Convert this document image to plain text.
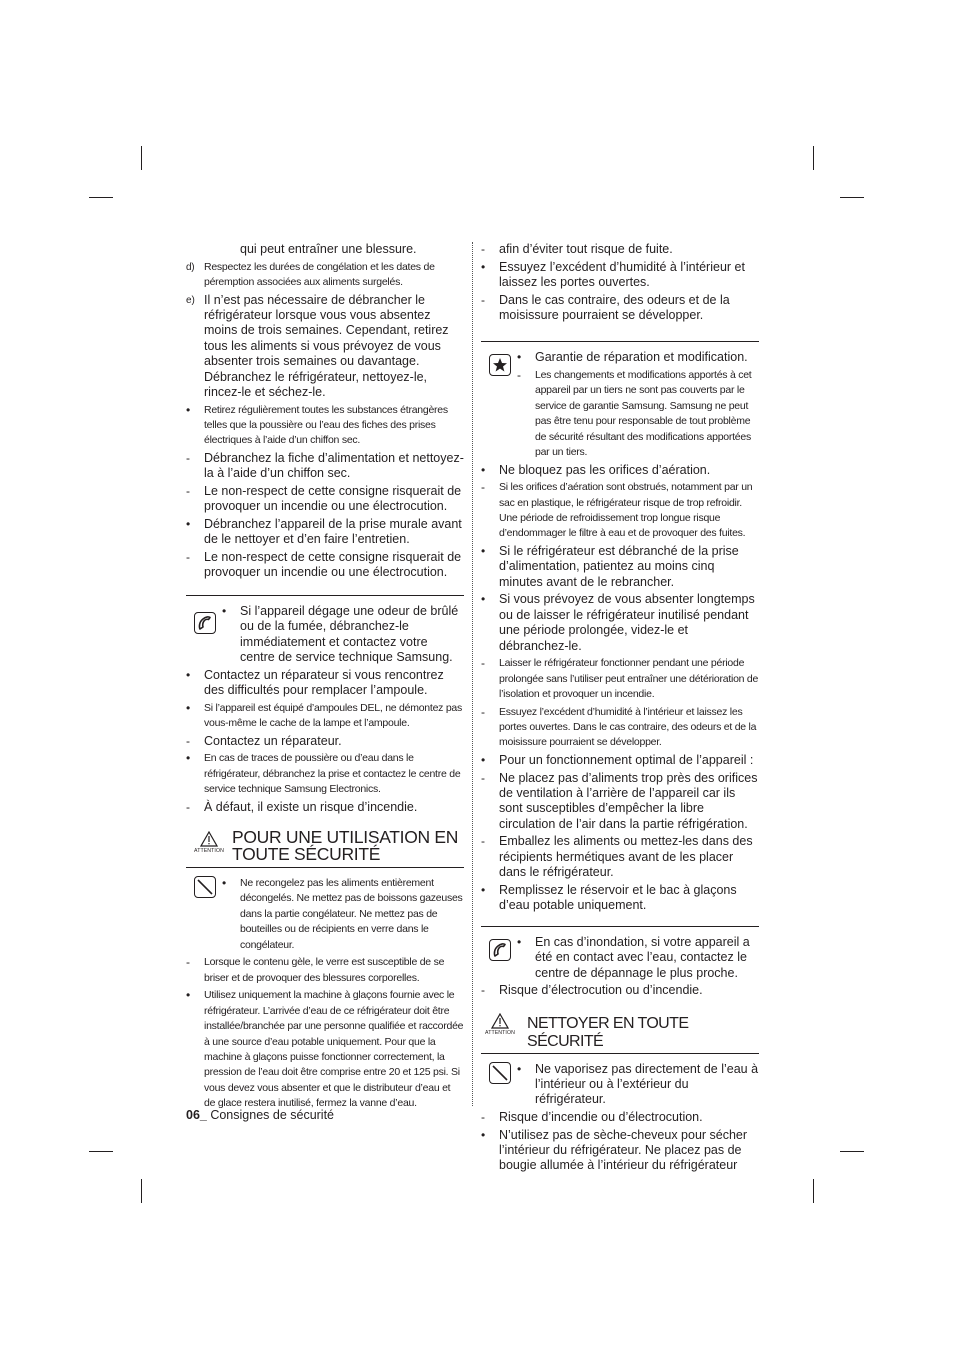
qui peut entraîner une blessure.
d) Respectez les durées de congélation et les dates de péremption associées aux aliments surgelés.
e) Il n’est pas nécessaire de débrancher le réfrigérateur lorsque vous vous absentez moins de trois semaines. Cependant, retirez tous les aliments si vous prévoyez de vous absenter trois semaines ou davantage. Débranchez le réfrigérateur, nettoyez-le, rincez-le et séchez-le.
•
Retirez régulièrement toutes les substances étrangères telles que la poussière ou l’eau des fiches des prises électriques à l’aide d’un chiffon sec.
-
Débranchez la fiche d’alimentation et nettoyez-la à l’aide d’un chiffon sec.
-
Le non-respect de cette consigne risquerait de provoquer un incendie ou une électrocution.
•
Débranchez l’appareil de la prise murale avant de le nettoyer et d’en faire l’entretien.
-
Le non-respect de cette consigne risquerait de provoquer un incendie ou une électrocution.
•
Si l’appareil dégage une odeur de brûlé ou de la fumée, débranchez-le immédiatement et contactez votre centre de service technique Samsung.
•
Contactez un réparateur si vous rencontrez des difficultés pour remplacer l’ampoule.
•
Si l’appareil est équipé d’ampoules DEL, ne démontez pas vous-même le cache de la lampe et l’ampoule.
-
Contactez un réparateur.
•
En cas de traces de poussière ou d’eau dans le réfrigérateur, débranchez la prise et contactez le centre de service technique Samsung Electronics.
-
À défaut, il existe un risque d’incendie.
ATTENTION
POUR UNE UTILISATION EN
TOUTE SÉCURITÉ
•
Ne recongelez pas les aliments entièrement décongelés. Ne mettez pas de boissons gazeuses dans la partie congélateur. Ne mettez pas de bouteilles ou de récipients en verre dans le congélateur.
-
Lorsque le contenu gèle, le verre est susceptible de se briser et de provoquer des blessures corporelles.
•
Utilisez uniquement la machine à glaçons fournie avec le réfrigérateur. L’arrivée d’eau de ce réfrigérateur doit être installée/branchée par une personne qualifiée et raccordée à une source d’eau potable uniquement. Pour que la machine à glaçons puisse fonctionner correctement, la pression de l’eau doit être comprise entre 20 et 125 psi. Si vous devez vous absenter et que le distributeur d’eau et de glace restera inutilisé, fermez la vanne d’eau.
-
afin d’éviter tout risque de fuite.
•
Essuyez l’excédent d’humidité à l’intérieur et laissez les portes ouvertes.
-
Dans le cas contraire, des odeurs et de la moisissure pourraient se développer.
•
Garantie de réparation et modification.
-
Les changements et modifications apportés à cet appareil par un tiers ne sont pas couverts par le service de garantie Samsung. Samsung ne peut pas être tenu pour responsable de tout problème de sécurité résultant des modifications apportées par un tiers.
•
Ne bloquez pas les orifices d’aération.
-
Si les orifices d’aération sont obstrués, notamment par un sac en plastique, le réfrigérateur risque de trop refroidir. Une période de refroidissement trop longue risque d’endommager le filtre à eau et de provoquer des fuites.
•
Si le réfrigérateur est débranché de la prise d’alimentation, patientez au moins cinq minutes avant de le rebrancher.
•
Si vous prévoyez de vous absenter longtemps ou de laisser le réfrigérateur inutilisé pendant une période prolongée, videz-le et débranchez-le.
-
Laisser le réfrigérateur fonctionner pendant une période prolongée sans l’utiliser peut entraîner une détérioration de l’isolation et provoquer un incendie.
-
Essuyez l’excédent d’humidité à l’intérieur et laissez les portes ouvertes. Dans le cas contraire, des odeurs et de la moisissure pourraient se développer.
•
Pour un fonctionnement optimal de l’appareil :
-
Ne placez pas d’aliments trop près des orifices de ventilation à l’arrière de l’appareil car ils sont susceptibles d’empêcher la libre circulation de l’air dans la partie réfrigération.
-
Emballez les aliments ou mettez-les dans des récipients hermétiques avant de les placer dans le réfrigérateur.
•
Remplissez le réservoir et le bac à glaçons d’eau potable uniquement.
•
En cas d’inondation, si votre appareil a été en contact avec l’eau, contactez le centre de dépannage le plus proche.
-
Risque d’électrocution ou d’incendie.
ATTENTION
NETTOYER EN TOUTE SÉCURITÉ
•
Ne vaporisez pas directement de l’eau à l’intérieur ou à l’extérieur du réfrigérateur.
-
Risque d’incendie ou d’électrocution.
•
N’utilisez pas de sèche-cheveux pour sécher l’intérieur du réfrigérateur. Ne placez pas de bougie allumée à l’intérieur du réfrigérateur
06_ Consignes de sécurité
